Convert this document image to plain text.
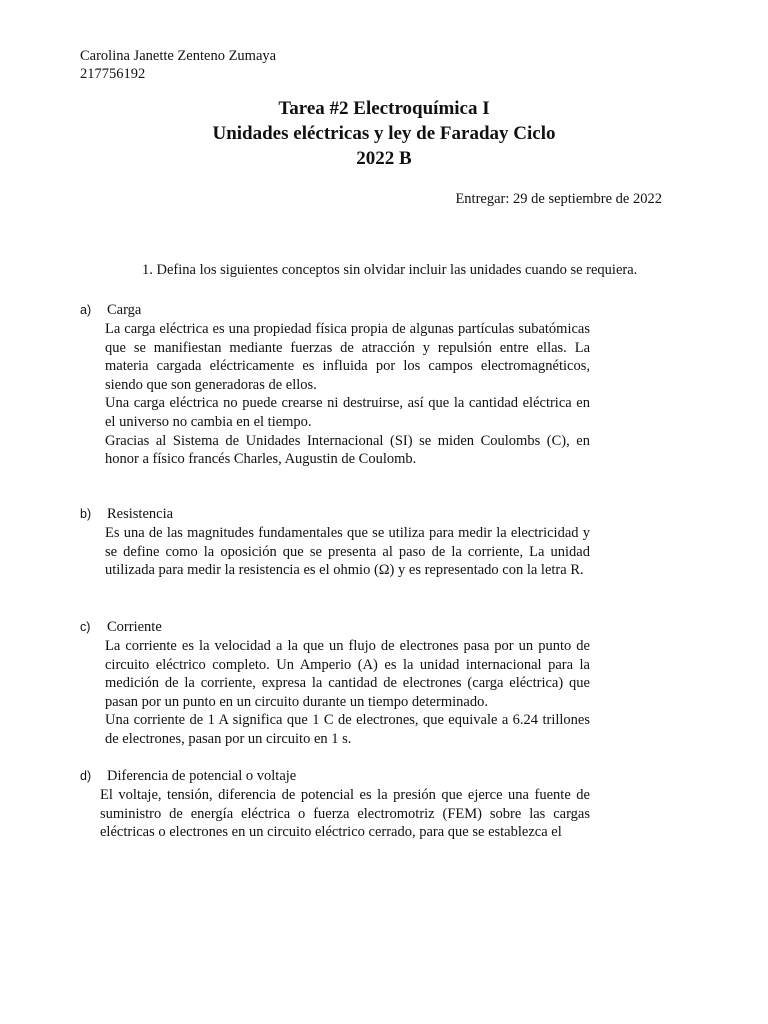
Carolina Janette Zenteno Zumaya
217756192
Tarea #2 Electroquímica I
Unidades eléctricas y ley de Faraday Ciclo
2022 B
Entregar: 29 de septiembre de 2022
1. Defina los siguientes conceptos sin olvidar incluir las unidades cuando se requiera.
a) Carga

La carga eléctrica es una propiedad física propia de algunas partículas subatómicas que se manifiestan mediante fuerzas de atracción y repulsión entre ellas. La materia cargada eléctricamente es influida por los campos electromagnéticos, siendo que son generadoras de ellos.

Una carga eléctrica no puede crearse ni destruirse, así que la cantidad eléctrica en el universo no cambia en el tiempo.

Gracias al Sistema de Unidades Internacional (SI) se miden Coulombs (C), en honor a físico francés Charles, Augustin de Coulomb.

b) Resistencia

Es una de las magnitudes fundamentales que se utiliza para medir la electricidad y se define como la oposición que se presenta al paso de la corriente, La unidad utilizada para medir la resistencia es el ohmio (Ω) y es representado con la letra R.

c) Corriente

La corriente es la velocidad a la que un flujo de electrones pasa por un punto de circuito eléctrico completo. Un Amperio (A) es la unidad internacional para la medición de la corriente, expresa la cantidad de electrones (carga eléctrica) que pasan por un punto en un circuito durante un tiempo determinado.

Una corriente de 1 A significa que 1 C de electrones, que equivale a 6.24 trillones de electrones, pasan por un circuito en 1 s.

d) Diferencia de potencial o voltaje

El voltaje, tensión, diferencia de potencial es la presión que ejerce una fuente de suministro de energía eléctrica o fuerza electromotriz (FEM) sobre las cargas eléctricas o electrones en un circuito eléctrico cerrado, para que se establezca el
